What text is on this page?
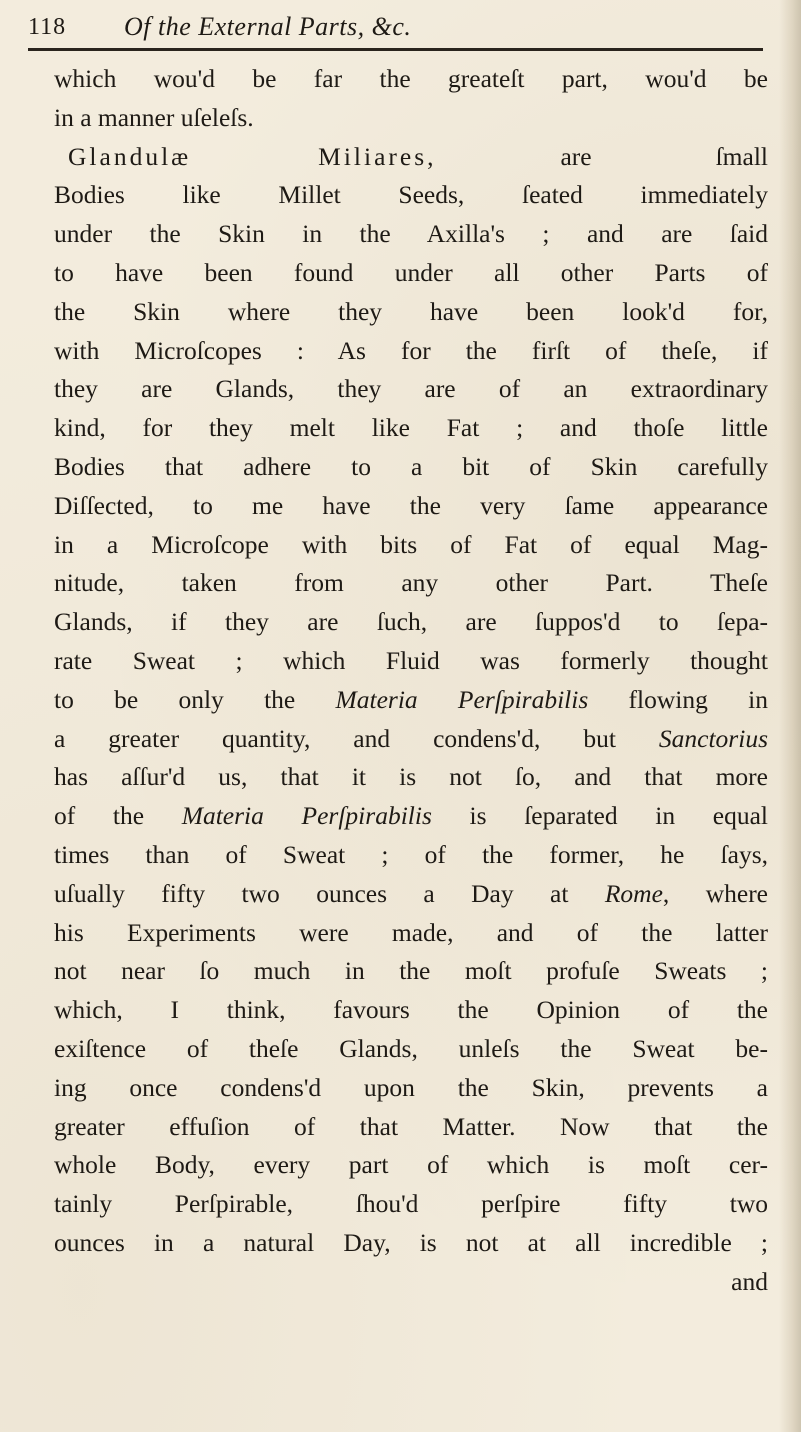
118 Of the External Parts, &c.
which wou'd be far the greateſt part, wou'd be
in a manner uſeleſs.
Glandulæ Miliares, are ſmall
Bodies like Millet Seeds, ſeated immediately
under the Skin in the Axilla's ; and are ſaid
to have been found under all other Parts of
the Skin where they have been look'd for,
with Microſcopes : As for the firſt of theſe, if
they are Glands, they are of an extraordinary
kind, for they melt like Fat ; and thoſe little
Bodies that adhere to a bit of Skin carefully
Diſſected, to me have the very ſame appearance
in a Microſcope with bits of Fat of equal Mag-
nitude, taken from any other Part. Theſe
Glands, if they are ſuch, are ſuppos'd to ſepa-
rate Sweat ; which Fluid was formerly thought
to be only the Materia Perſpirabilis flowing in
a greater quantity, and condens'd, but Sanctorius
has aſſur'd us, that it is not ſo, and that more
of the Materia Perſpirabilis is ſeparated in equal
times than of Sweat ; of the former, he ſays,
uſually fifty two ounces a Day at Rome, where
his Experiments were made, and of the latter
not near ſo much in the moſt profuſe Sweats ;
which, I think, favours the Opinion of the
exiſtence of theſe Glands, unleſs the Sweat be-
ing once condens'd upon the Skin, prevents a
greater effuſion of that Matter. Now that the
whole Body, every part of which is moſt cer-
tainly Perſpirable, ſhou'd perſpire fifty two
ounces in a natural Day, is not at all incredible ;
and
